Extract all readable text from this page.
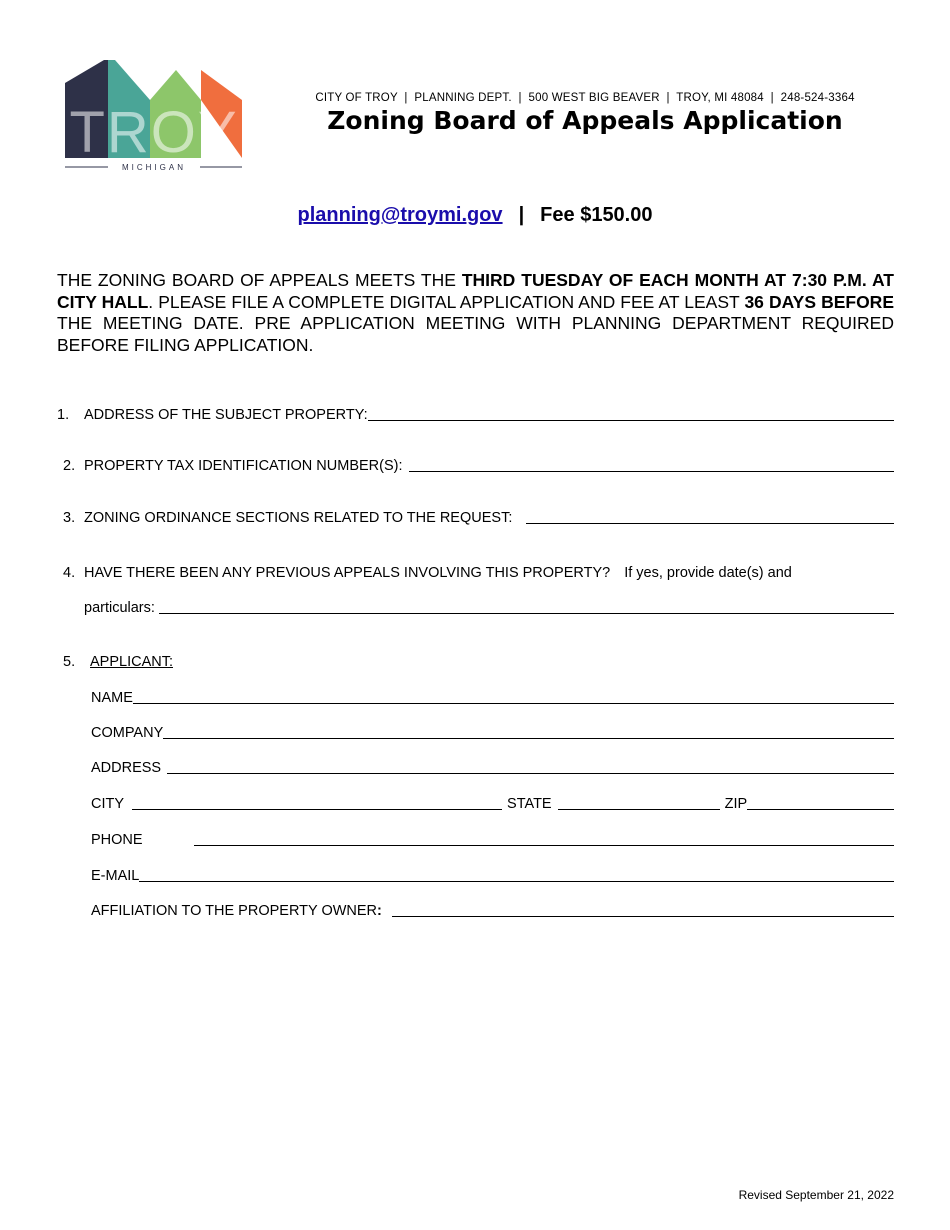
TROY
MICHIGAN
CITY OF TROY  |  PLANNING DEPT.  |  500 WEST BIG BEAVER  |  TROY, MI 48084  |  248-524-3364
Zoning Board of Appeals Application
planning@troymi.gov | Fee $150.00
THE ZONING BOARD OF APPEALS MEETS THE THIRD TUESDAY OF EACH MONTH AT 7:30 P.M. AT CITY HALL. PLEASE FILE A COMPLETE DIGITAL APPLICATION AND FEE AT LEAST 36 DAYS BEFORE THE MEETING DATE. PRE APPLICATION MEETING WITH PLANNING DEPARTMENT REQUIRED BEFORE FILING APPLICATION.
1.	ADDRESS OF THE SUBJECT PROPERTY:
2. PROPERTY TAX IDENTIFICATION NUMBER(S):
3. ZONING ORDINANCE SECTIONS RELATED TO THE REQUEST:
4. HAVE THERE BEEN ANY PREVIOUS APPEALS INVOLVING THIS PROPERTY? If yes, provide date(s) and
particulars:
5.	APPLICANT:
NAME
COMPANY
ADDRESS
CITY	STATE	ZIP
PHONE
E-MAIL
AFFILIATION TO THE PROPERTY OWNER :
Revised September 21, 2022
